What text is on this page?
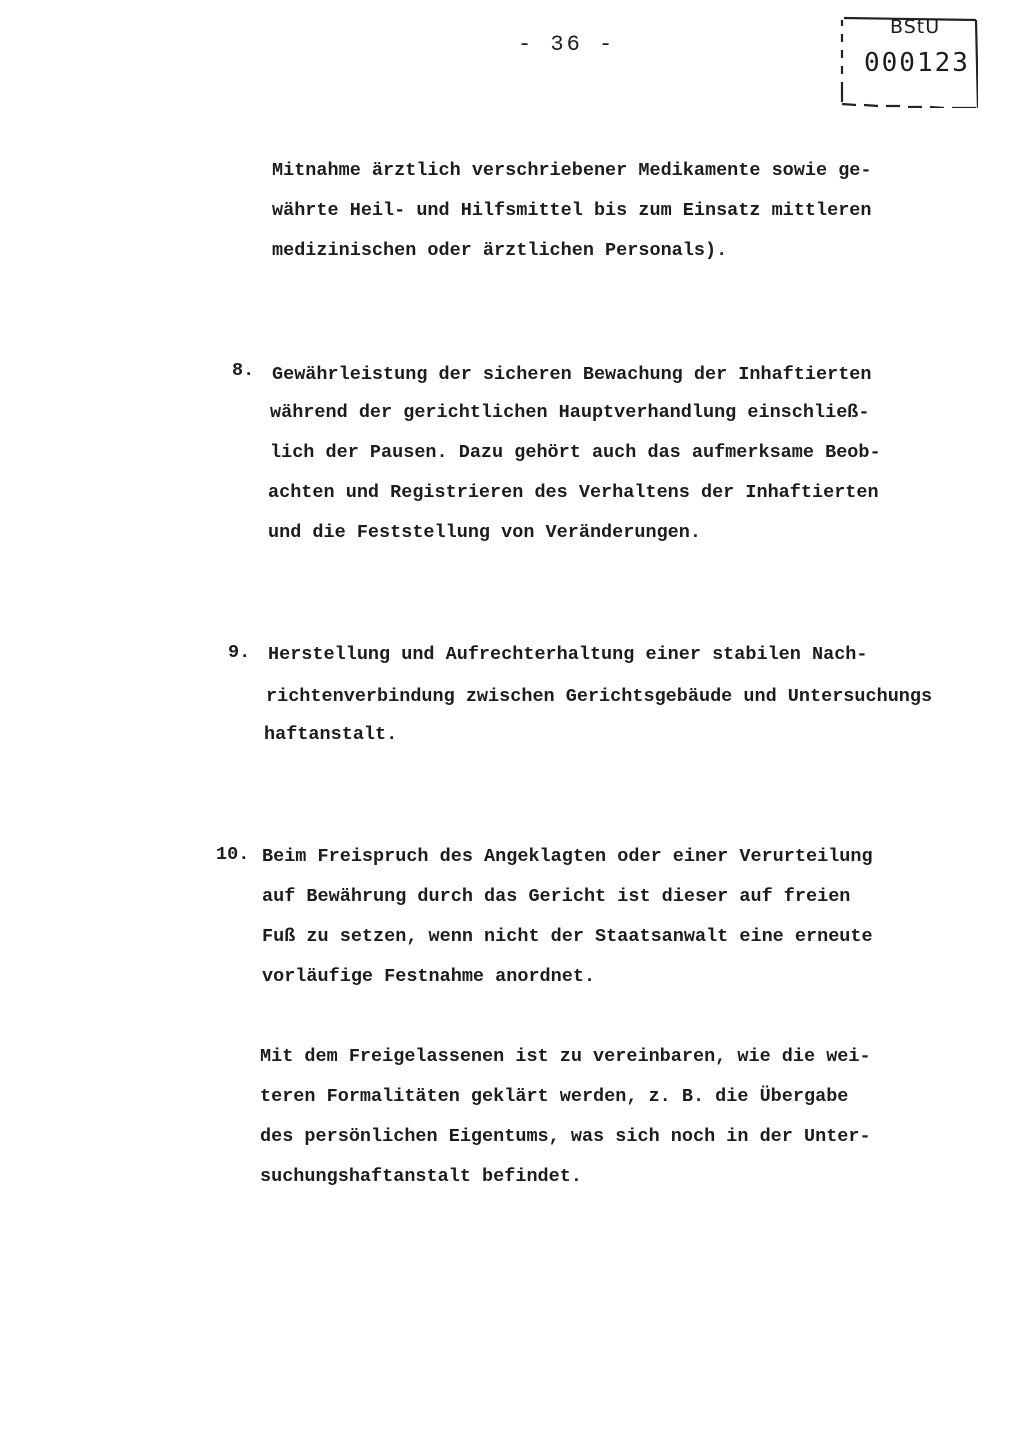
- 36 -
BStU
000123
Mitnahme ärztlich verschriebener Medikamente sowie ge-
währte Heil- und Hilfsmittel bis zum Einsatz mittleren
medizinischen oder ärztlichen Personals).
8. Gewährleistung der sicheren Bewachung der Inhaftierten
während der gerichtlichen Hauptverhandlung einschließ-
lich der Pausen. Dazu gehört auch das aufmerksame Beob-
achten und Registrieren des Verhaltens der Inhaftierten
und die Feststellung von Veränderungen.
9. Herstellung und Aufrechterhaltung einer stabilen Nach-
richtenverbindung zwischen Gerichtsgebäude und Untersuchungs
haftanstalt.
10. Beim Freispruch des Angeklagten oder einer Verurteilung
auf Bewährung durch das Gericht ist dieser auf freien
Fuß zu setzen, wenn nicht der Staatsanwalt eine erneute
vorläufige Festnahme anordnet.
Mit dem Freigelassenen ist zu vereinbaren, wie die wei-
teren Formalitäten geklärt werden, z. B. die Übergabe
des persönlichen Eigentums, was sich noch in der Unter-
suchungshaftanstalt befindet.
